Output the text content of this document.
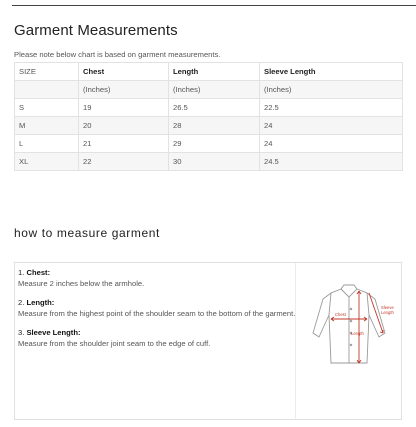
Garment Measurements
Please note below chart is based on garment measurements.
SIZE	Chest	Length	Sleeve Length
	(Inches)	(Inches)	(Inches)
S	19	26.5	22.5
M	20	28	24
L	21	29	24
XL	22	30	24.5
how to measure garment
1. Chest:
Measure 2 inches below the armhole.
2. Length:
Measure from the highest point of the shoulder seam to the bottom of the garment.
3. Sleeve Length:
Measure from the shoulder joint seam to the edge of cuff.
Chest
Length
Sleeve
Length
